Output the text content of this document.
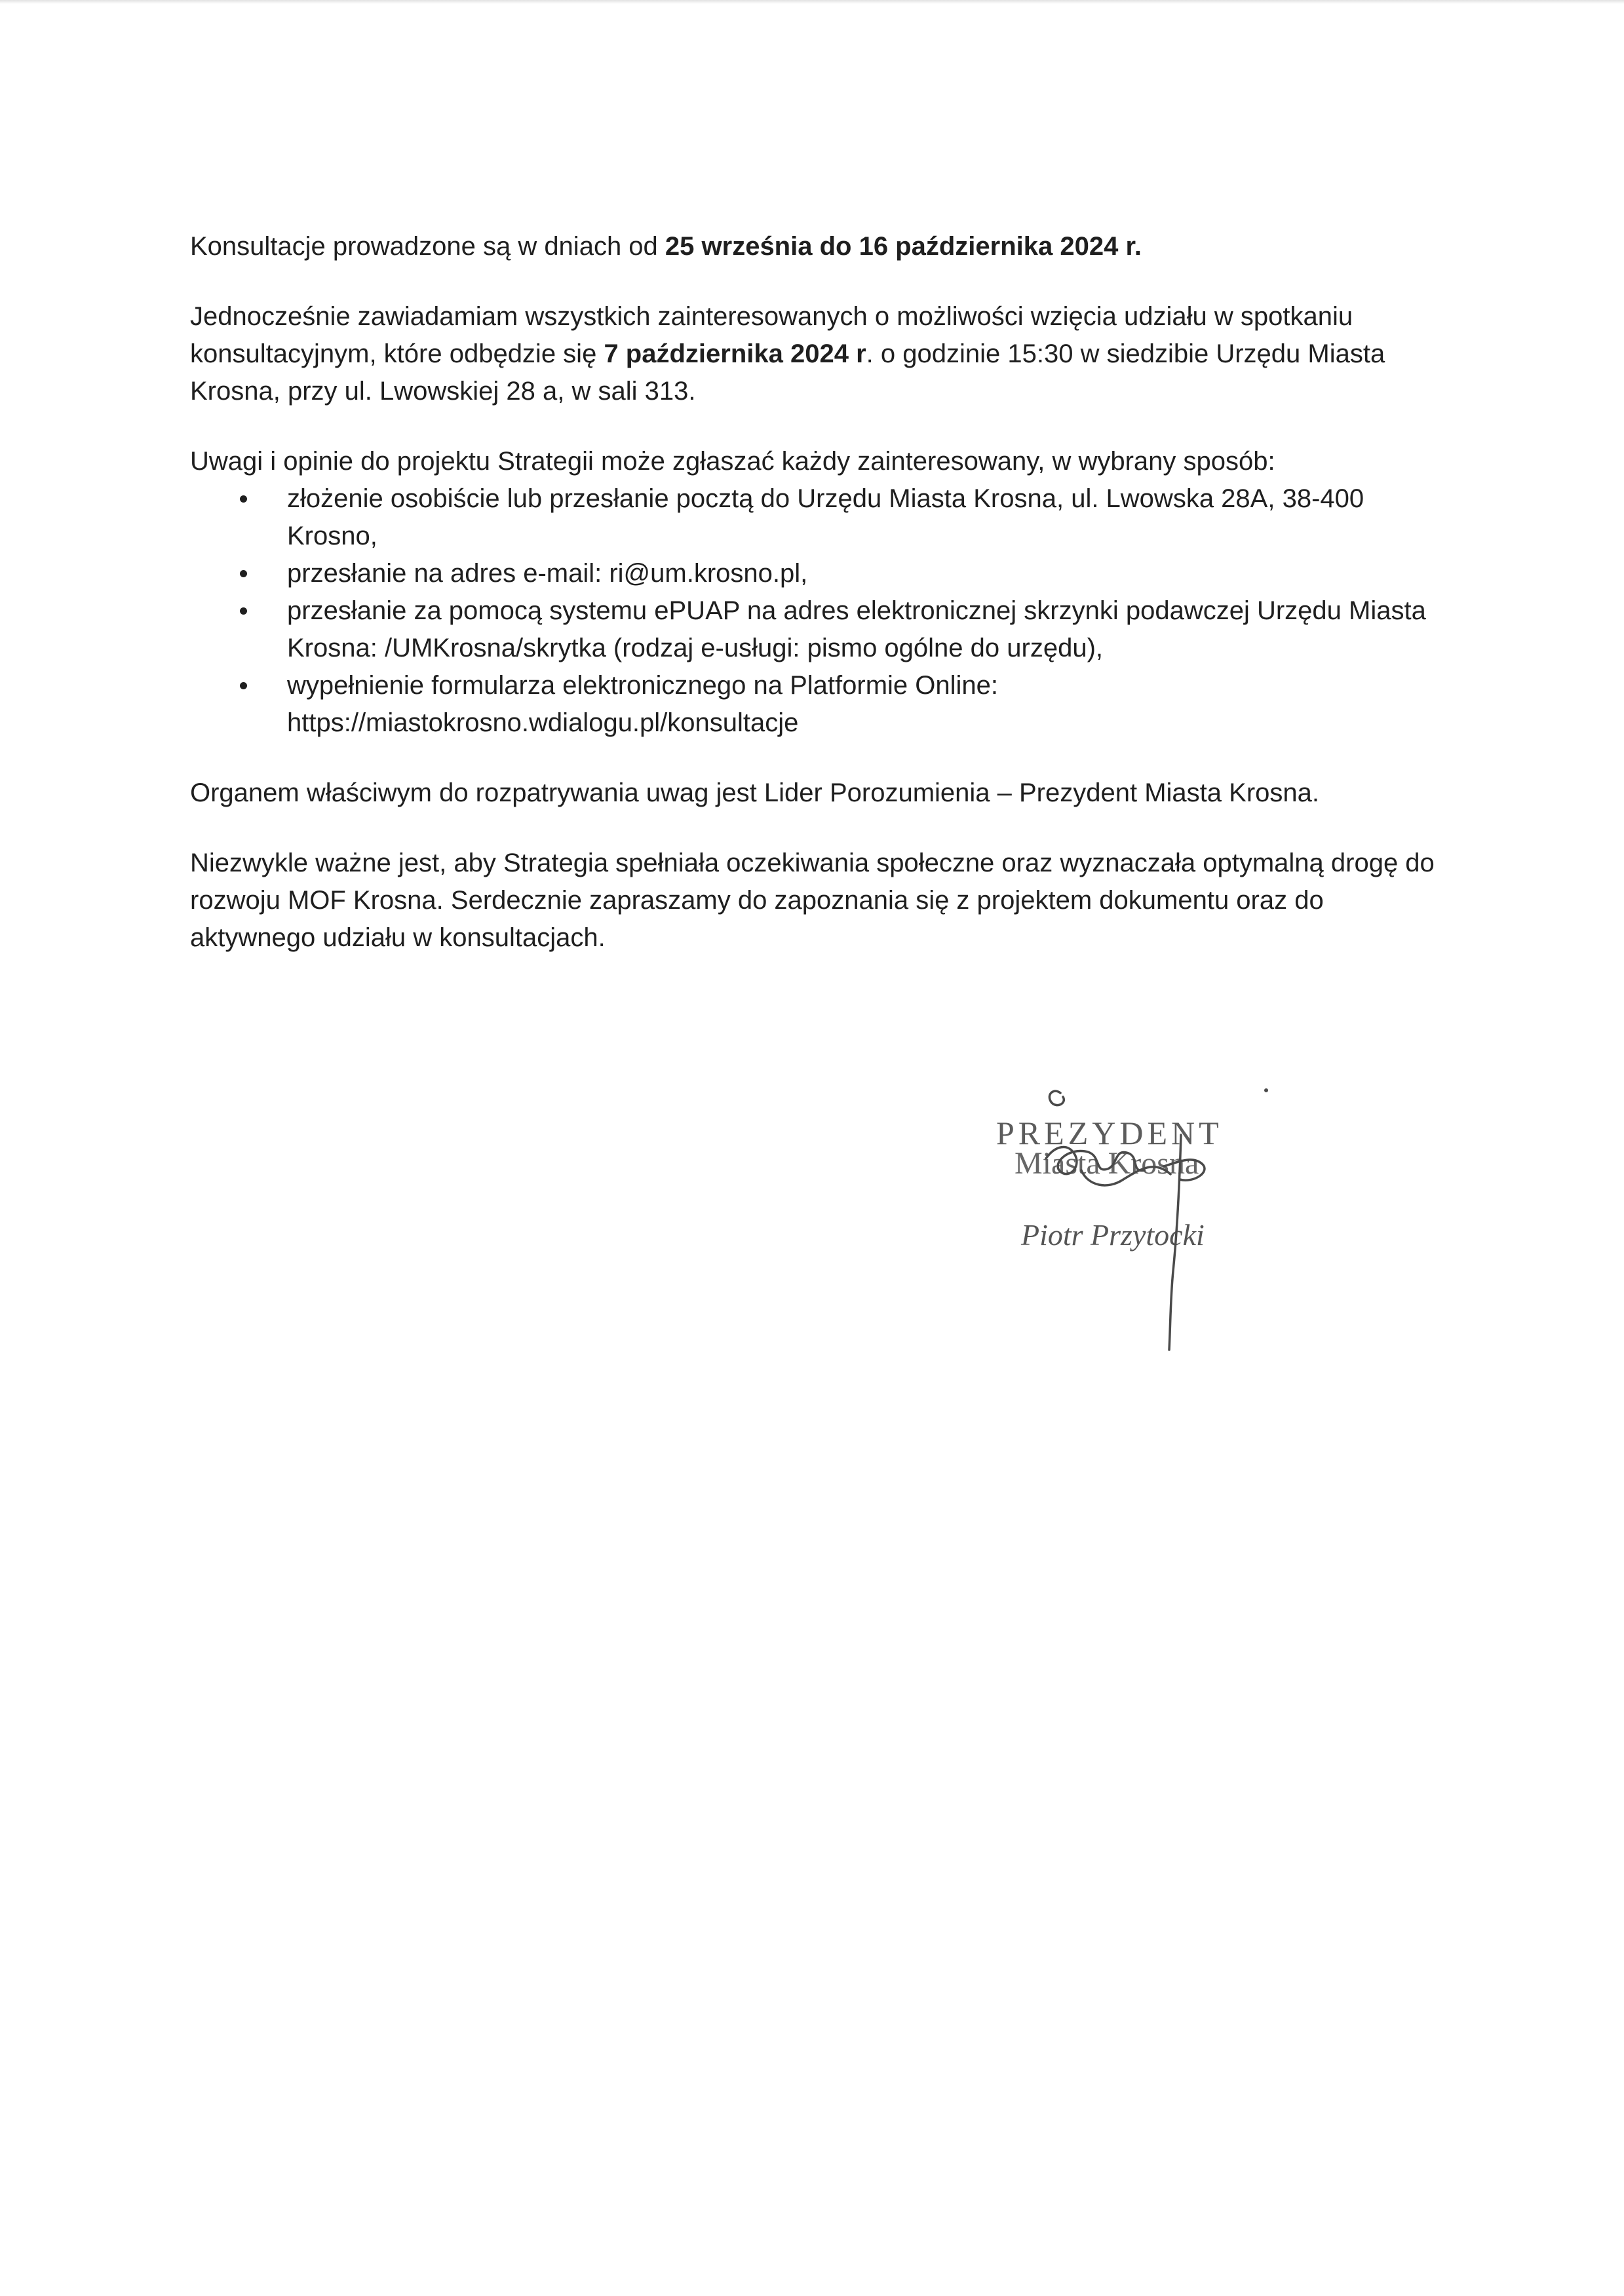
Konsultacje prowadzone są w dniach od 25 września do 16 października 2024 r.

Jednocześnie zawiadamiam wszystkich zainteresowanych o możliwości wzięcia udziału w spotkaniu konsultacyjnym, które odbędzie się 7 października 2024 r. o godzinie 15:30 w siedzibie Urzędu Miasta Krosna, przy ul. Lwowskiej 28 a, w sali 313.

Uwagi i opinie do projektu Strategii może zgłaszać każdy zainteresowany, w wybrany sposób:

złożenie osobiście lub przesłanie pocztą do Urzędu Miasta Krosna, ul. Lwowska 28A, 38-400 Krosno,
przesłanie na adres e-mail: ri@um.krosno.pl,
przesłanie za pomocą systemu ePUAP na adres elektronicznej skrzynki podawczej Urzędu Miasta Krosna: /UMKrosna/skrytka (rodzaj e-usługi: pismo ogólne do urzędu),
wypełnienie formularza elektronicznego na Platformie Online: https://miastokrosno.wdialogu.pl/konsultacje

Organem właściwym do rozpatrywania uwag jest Lider Porozumienia – Prezydent Miasta Krosna.

Niezwykle ważne jest, aby Strategia spełniała oczekiwania społeczne oraz wyznaczała optymalną drogę do rozwoju MOF Krosna. Serdecznie zapraszamy do zapoznania się z projektem dokumentu oraz do aktywnego udziału w konsultacjach.

PREZYDENT
Miasta Krosna
Piotr Przytocki
